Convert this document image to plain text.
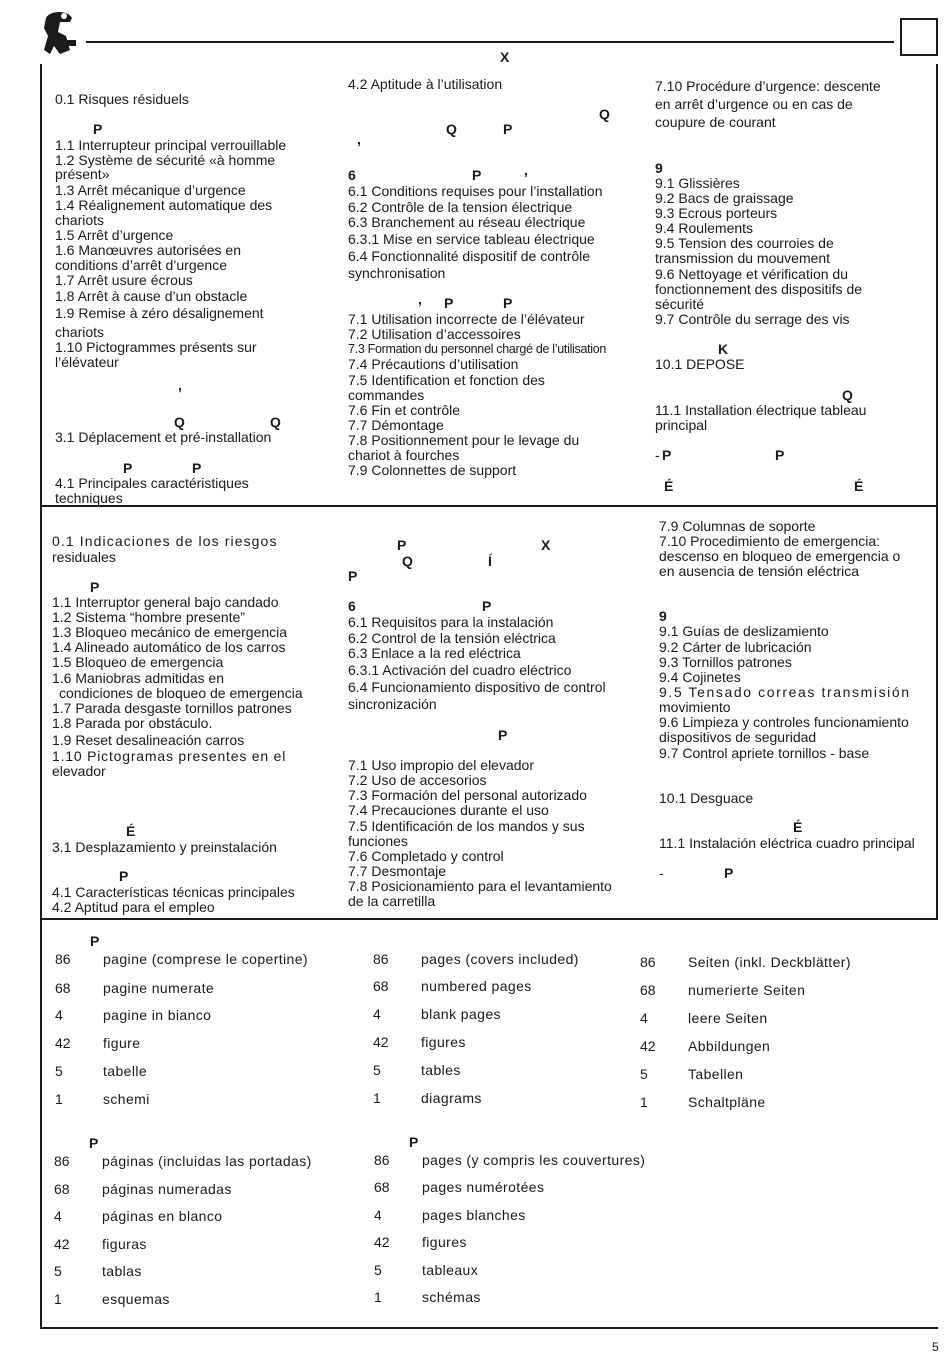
X
0.1 Risques résiduels
P
1.1 Interrupteur principal verrouillable
1.2 Système de sécurité «à homme
présent»
1.3 Arrêt mécanique d’urgence
1.4 Réalignement automatique des
chariots
1.5 Arrêt d’urgence
1.6 Manœuvres autorisées en
conditions d’arrêt d’urgence
1.7 Arrêt usure écrous
1.8 Arrêt à cause d’un obstacle
1.9 Remise à zéro désalignement
chariots
1.10 Pictogrammes présents sur
l’élévateur
,
Q	Q
3.1 Déplacement et pré-installation
P	P
4.1 Principales caractéristiques
techniques
4.2 Aptitude à l’utilisation
Q
,
Q	P
6	P	,
6.1 Conditions requises pour l’installation
6.2 Contrôle de la tension électrique
6.3 Branchement au réseau électrique
6.3.1 Mise en service tableau électrique
6.4 Fonctionnalité dispositif de contrôle
synchronisation
, P	P
7.1 Utilisation incorrecte de l’élévateur
7.2 Utilisation d’accessoires
7.3 Formation du personnel chargé de l’utilisation
7.4 Précautions d’utilisation
7.5 Identification et fonction des
commandes
7.6 Fin et contrôle
7.7 Démontage
7.8 Positionnement pour le levage du
chariot à fourches
7.9 Colonnettes de support
7.10 Procédure d’urgence: descente
en arrêt d’urgence ou en cas de
coupure de courant
9
9.1 Glissières
9.2 Bacs de graissage
9.3 Ecrous porteurs
9.4 Roulements
9.5 Tension des courroies de
transmission du mouvement
9.6 Nettoyage et vérification du
fonctionnement des dispositifs de
sécurité
9.7 Contrôle du serrage des vis
K
10.1 DEPOSE
Q
11.1 Installation électrique tableau
principal
- P	P
É	É
0.1 Indicaciones de los riesgos
residuales
P
1.1 Interruptor general bajo candado
1.2 Sistema “hombre presente”
1.3 Bloqueo mecánico de emergencia
1.4 Alineado automático de los carros
1.5 Bloqueo de emergencia
1.6 Maniobras admitidas en
condiciones de bloqueo de emergencia
1.7 Parada desgaste tornillos patrones
1.8 Parada por obstáculo.
1.9 Reset desalineación carros
1.10 Pictogramas presentes en el
elevador
É
3.1 Desplazamiento y preinstalación
P
4.1 Características técnicas principales
4.2 Aptitud para el empleo
P	X
Q	Í
P
6	P
6.1 Requisitos para la instalación
6.2 Control de la tensión eléctrica
6.3 Enlace a la red eléctrica
6.3.1 Activación del cuadro eléctrico
6.4 Funcionamiento dispositivo de control
sincronización
P
7.1 Uso impropio del elevador
7.2 Uso de accesorios
7.3 Formación del personal autorizado
7.4 Precauciones durante el uso
7.5 Identificación de los mandos y sus
funciones
7.6 Completado y control
7.7 Desmontaje
7.8 Posicionamiento para el levantamiento
de la carretilla
7.9 Columnas de soporte
7.10 Procedimiento de emergencia:
descenso en bloqueo de emergencia o
en ausencia de tensión eléctrica
9
9.1 Guías de deslizamiento
9.2 Cárter de lubricación
9.3 Tornillos patrones
9.4 Cojinetes
9.5 Tensado correas transmisión
movimiento
9.6 Limpieza y controles funcionamiento
dispositivos de seguridad
9.7 Control apriete tornillos - base
10.1 Desguace
É
11.1 Instalación eléctrica cuadro principal
-	P
P
86 pagine (comprese le copertine)
68 pagine numerate
4	pagine in bianco
42 figure
5	tabelle
1	schemi
86 pages (covers included)
68 numbered pages
4	blank pages
42 figures
5	tables
1	diagrams
86 Seiten (inkl. Deckblätter)
68 numerierte Seiten
4	leere Seiten
42 Abbildungen
5	Tabellen
1	Schaltpläne
P
86 páginas (incluidas las portadas)
68 páginas numeradas
4	páginas en blanco
42 figuras
5	tablas
1	esquemas
P
86 pages (y compris les couvertures)
68 pages numérotées
4	pages blanches
42 figures
5	tableaux
1	schémas
5
